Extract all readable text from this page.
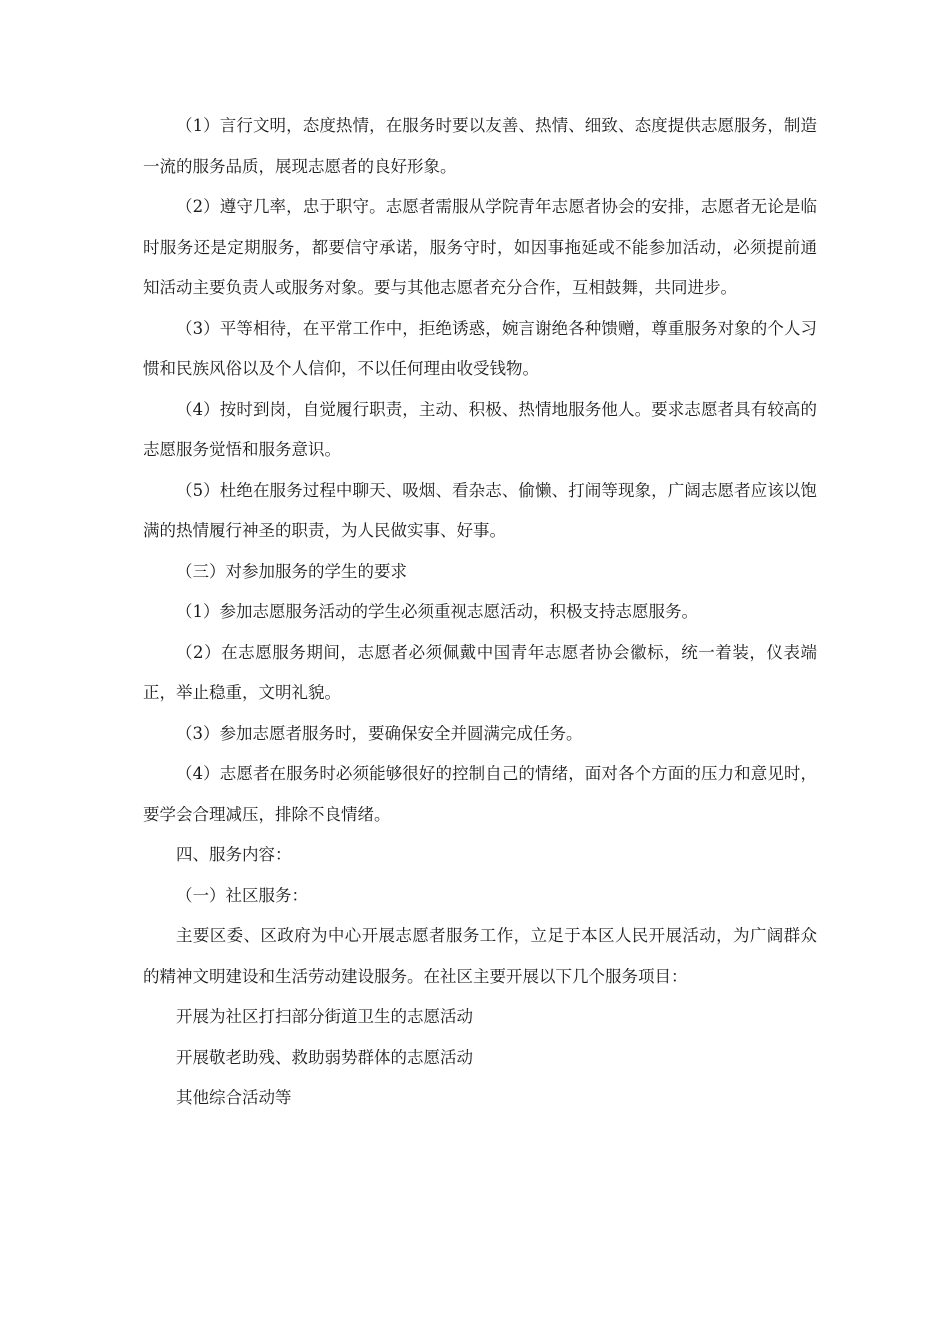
（1）言行文明，态度热情，在服务时要以友善、热情、细致、态度提供志愿服务，制造一流的服务品质，展现志愿者的良好形象。

（2）遵守几率，忠于职守。志愿者需服从学院青年志愿者协会的安排，志愿者无论是临时服务还是定期服务，都要信守承诺，服务守时，如因事拖延或不能参加活动，必须提前通知活动主要负责人或服务对象。要与其他志愿者充分合作，互相鼓舞，共同进步。

（3）平等相待，在平常工作中，拒绝诱惑，婉言谢绝各种馈赠，尊重服务对象的个人习惯和民族风俗以及个人信仰，不以任何理由收受钱物。

（4）按时到岗，自觉履行职责，主动、积极、热情地服务他人。要求志愿者具有较高的志愿服务觉悟和服务意识。

（5）杜绝在服务过程中聊天、吸烟、看杂志、偷懒、打闹等现象，广阔志愿者应该以饱满的热情履行神圣的职责，为人民做实事、好事。

（三）对参加服务的学生的要求

（1）参加志愿服务活动的学生必须重视志愿活动，积极支持志愿服务。

（2）在志愿服务期间，志愿者必须佩戴中国青年志愿者协会徽标，统一着装，仪表端正，举止稳重，文明礼貌。

（3）参加志愿者服务时，要确保安全并圆满完成任务。

（4）志愿者在服务时必须能够很好的控制自己的情绪，面对各个方面的压力和意见时，要学会合理减压，排除不良情绪。

四、服务内容：

（一）社区服务：

主要区委、区政府为中心开展志愿者服务工作，立足于本区人民开展活动，为广阔群众的精神文明建设和生活劳动建设服务。在社区主要开展以下几个服务项目：

开展为社区打扫部分街道卫生的志愿活动

开展敬老助残、救助弱势群体的志愿活动

其他综合活动等
